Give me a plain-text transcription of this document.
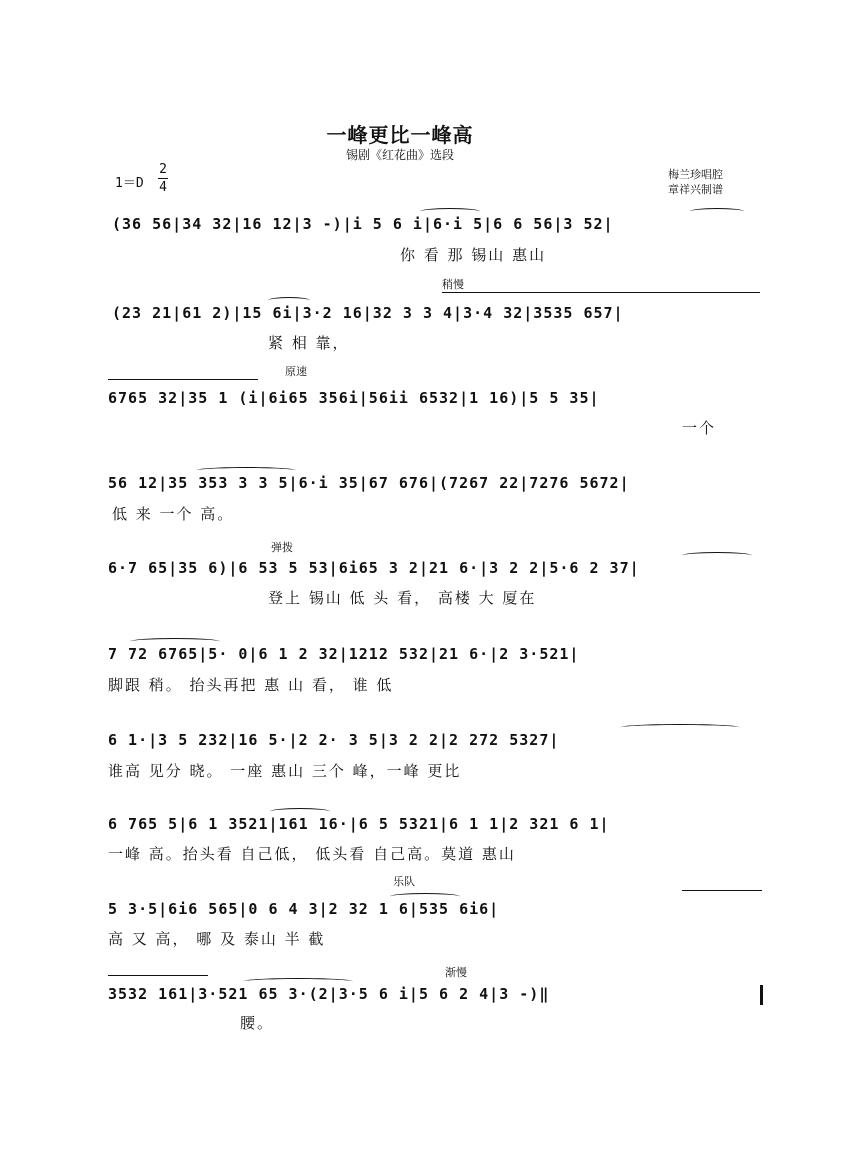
一峰更比一峰高
锡剧《红花曲》选段
1＝D
2
4
梅兰珍唱腔
章祥兴制谱
稍慢
原速
弹拨
乐队
渐慢
(36 56|34 32|16 12|3 -)|i 5 6 i|6·i 5|6 6 56|3 52|
你 看 那 锡山 惠山
(23 21|61 2)|15 6i|3·2 16|32 3 3 4|3·4 32|3535 657|
紧 相 靠，
6765 32|35 1 (i|6i65 356i|56ii 6532|1 16)|5 5 35|
一个
56 12|35 353 3 3 5|6·i 35|67 676|(7267 22|7276 5672|
低 来 一个 高。
6·7 65|35 6)|6 53 5 53|6i65 3 2|21 6·|3 2 2|5·6 2 37|
登上 锡山 低 头 看， 高楼 大 厦在
7 72 6765|5· 0|6 1 2 32|1212 532|21 6·|2 3·521|
脚跟 稍。 抬头再把 惠 山 看， 谁 低
6 1·|3 5 232|16 5·|2 2· 3 5|3 2 2|2 272 5327|
谁高 见分 晓。 一座 惠山 三个 峰，一峰 更比
6 765 5|6 1 3521|161 16·|6 5 5321|6 1 1|2 321 6 1|
一峰 高。抬头看 自己低， 低头看 自己高。莫道 惠山
5 3·5|6i6 565|0 6 4 3|2 32 1 6|535 6i6|
高 又 高， 哪 及 泰山 半 截
3532 161|3·521 65 3·(2|3·5 6 i|5 6 2 4|3 -)‖
腰。
